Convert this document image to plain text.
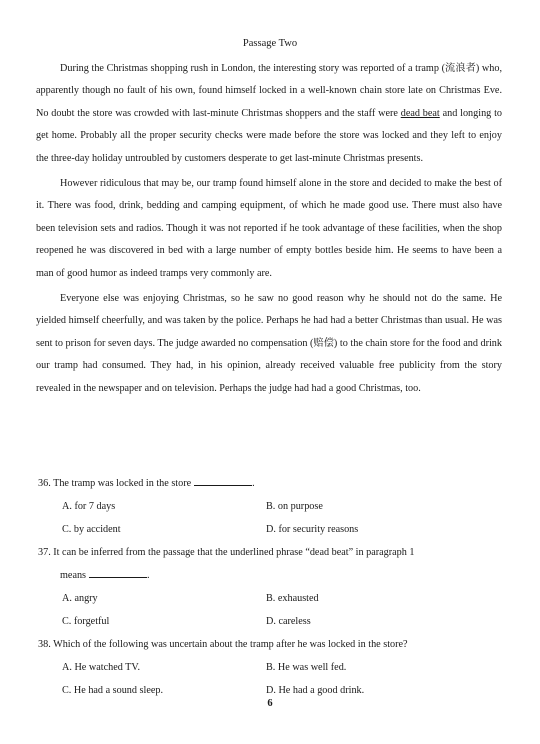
Passage Two

During the Christmas shopping rush in London, the interesting story was reported of a tramp (流浪者) who, apparently though no fault of his own, found himself locked in a well-known chain store late on Christmas Eve. No doubt the store was crowded with last-minute Christmas shoppers and the staff were dead beat and longing to get home. Probably all the proper security checks were made before the store was locked and they left to enjoy the three-day holiday untroubled by customers desperate to get last-minute Christmas presents.

However ridiculous that may be, our tramp found himself alone in the store and decided to make the best of it. There was food, drink, bedding and camping equipment, of which he made good use. There must also have been television sets and radios. Though it was not reported if he took advantage of these facilities, when the shop reopened he was discovered in bed with a large number of empty bottles beside him. He seems to have been a man of good humor as indeed tramps very commonly are.

Everyone else was enjoying Christmas, so he saw no good reason why he should not do the same. He yielded himself cheerfully, and was taken by the police. Perhaps he had had a better Christmas than usual. He was sent to prison for seven days. The judge awarded no compensation (赔偿) to the chain store for the food and drink our tramp had consumed. They had, in his opinion, already received valuable free publicity from the story revealed in the newspaper and on television. Perhaps the judge had had a good Christmas, too.

36. The tramp was locked in the store	.
A. for 7 days	B. on purpose
C. by accident	D. for security reasons
37. It can be inferred from the passage that the underlined phrase “dead beat” in paragraph 1
means	.
A. angry	B. exhausted
C. forgetful	D. careless
38. Which of the following was uncertain about the tramp after he was locked in the store?
A. He watched TV.	B. He was well fed.
C. He had a sound sleep.	D. He had a good drink.
6
